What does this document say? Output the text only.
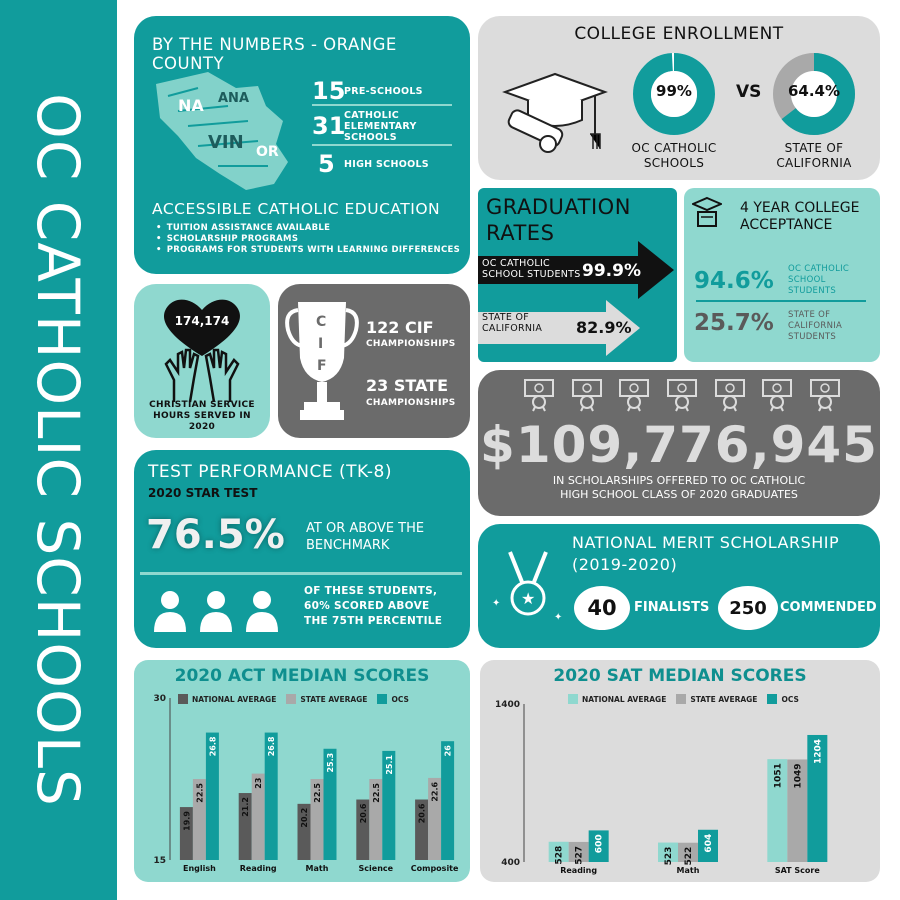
OC CATHOLIC SCHOOLS
BY THE NUMBERS - ORANGE COUNTY
NA
VIN OR
ANA	15
PRE-SCHOOLS
31
CATHOLIC ELEMENTARY SCHOOLS
5 HIGH SCHOOLS
ACCESSIBLE CATHOLIC EDUCATION
• TUITION ASSISTANCE AVAILABLE
• SCHOLARSHIP PROGRAMS
• PROGRAMS FOR STUDENTS WITH LEARNING DIFFERENCES
COLLEGE ENROLLMENT
99%
OC CATHOLIC SCHOOLS
VS	64.4%
STATE OF CALIFORNIA
GRADUATION RATES
OC CATHOLIC SCHOOL STUDENTS 99.9%
STATE OF CALIFORNIA	82.9%
4 YEAR COLLEGE ACCEPTANCE
94.6% OC CATHOLIC SCHOOL STUDENTS
25.7% STATE OF CALIFORNIA STUDENTS
174,174
CHRISTIAN SERVICE HOURS SERVED IN 2020
C
I
F
122 CIF
CHAMPIONSHIPS
23 STATE
CHAMPIONSHIPS
$109,776,945
IN SCHOLARSHIPS OFFERED TO OC CATHOLIC HIGH SCHOOL CLASS OF 2020 GRADUATES
TEST PERFORMANCE (TK-8)
2020 STAR TEST
76.5% AT OR ABOVE THE BENCHMARK
OF THESE STUDENTS, 60% SCORED ABOVE THE 75TH PERCENTILE
★
✦
✦
NATIONAL MERIT SCHOLARSHIP (2019-2020)
40 FINALISTS 250 COMMENDED
2020 ACT MEDIAN SCORES
NATIONAL AVERAGE	STATE AVERAGE	OCS
30
15
19.9
22.5
26.8
English
21.2
23
26.8
Reading
20.2
22.5
25.3
Math
20.6
22.5
25.1
Science
20.6
22.6
26
Composite
2020 SAT MEDIAN SCORES
NATIONAL AVERAGE	STATE AVERAGE	OCS
1400
400	528 527
600
Reading
523 522
604
Math
1051 1049
1204
SAT Score
